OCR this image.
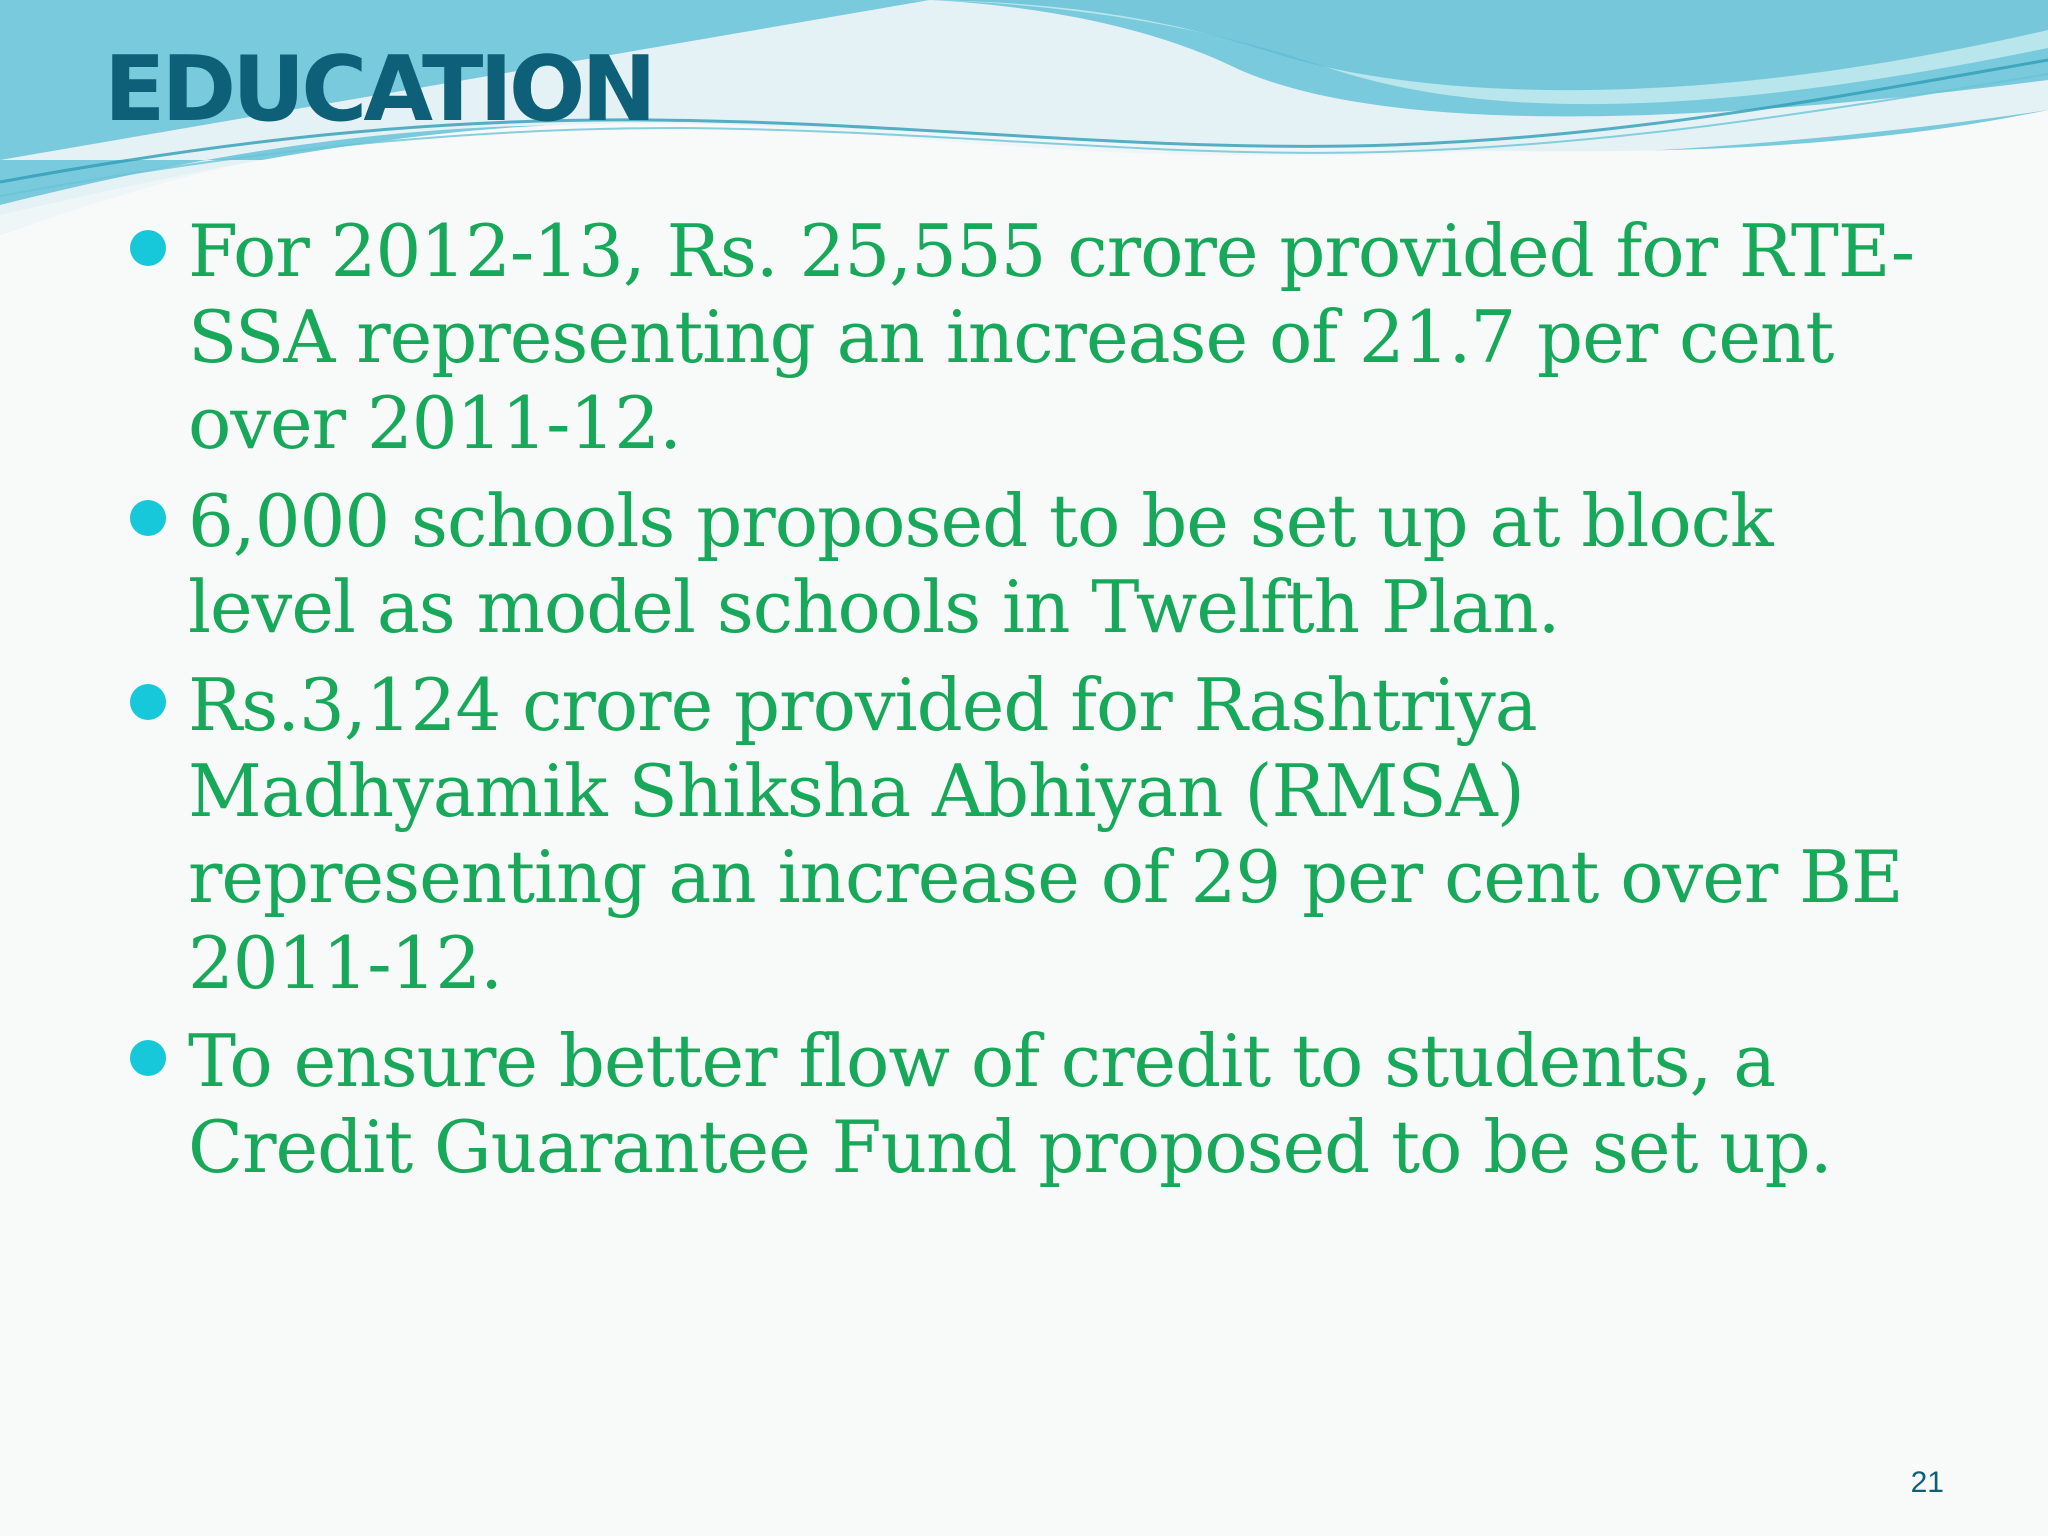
EDUCATION
For 2012-13, Rs. 25,555 crore provided for RTE-SSA representing an increase of 21.7 per cent over 2011-12.
6,000 schools proposed to be set up at block level as model schools in Twelfth Plan.
Rs.3,124 crore provided for Rashtriya Madhyamik Shiksha Abhiyan (RMSA) representing an increase of 29 per cent over BE 2011-12.
To ensure better flow of credit to students, a Credit Guarantee Fund proposed to be set up.
21
